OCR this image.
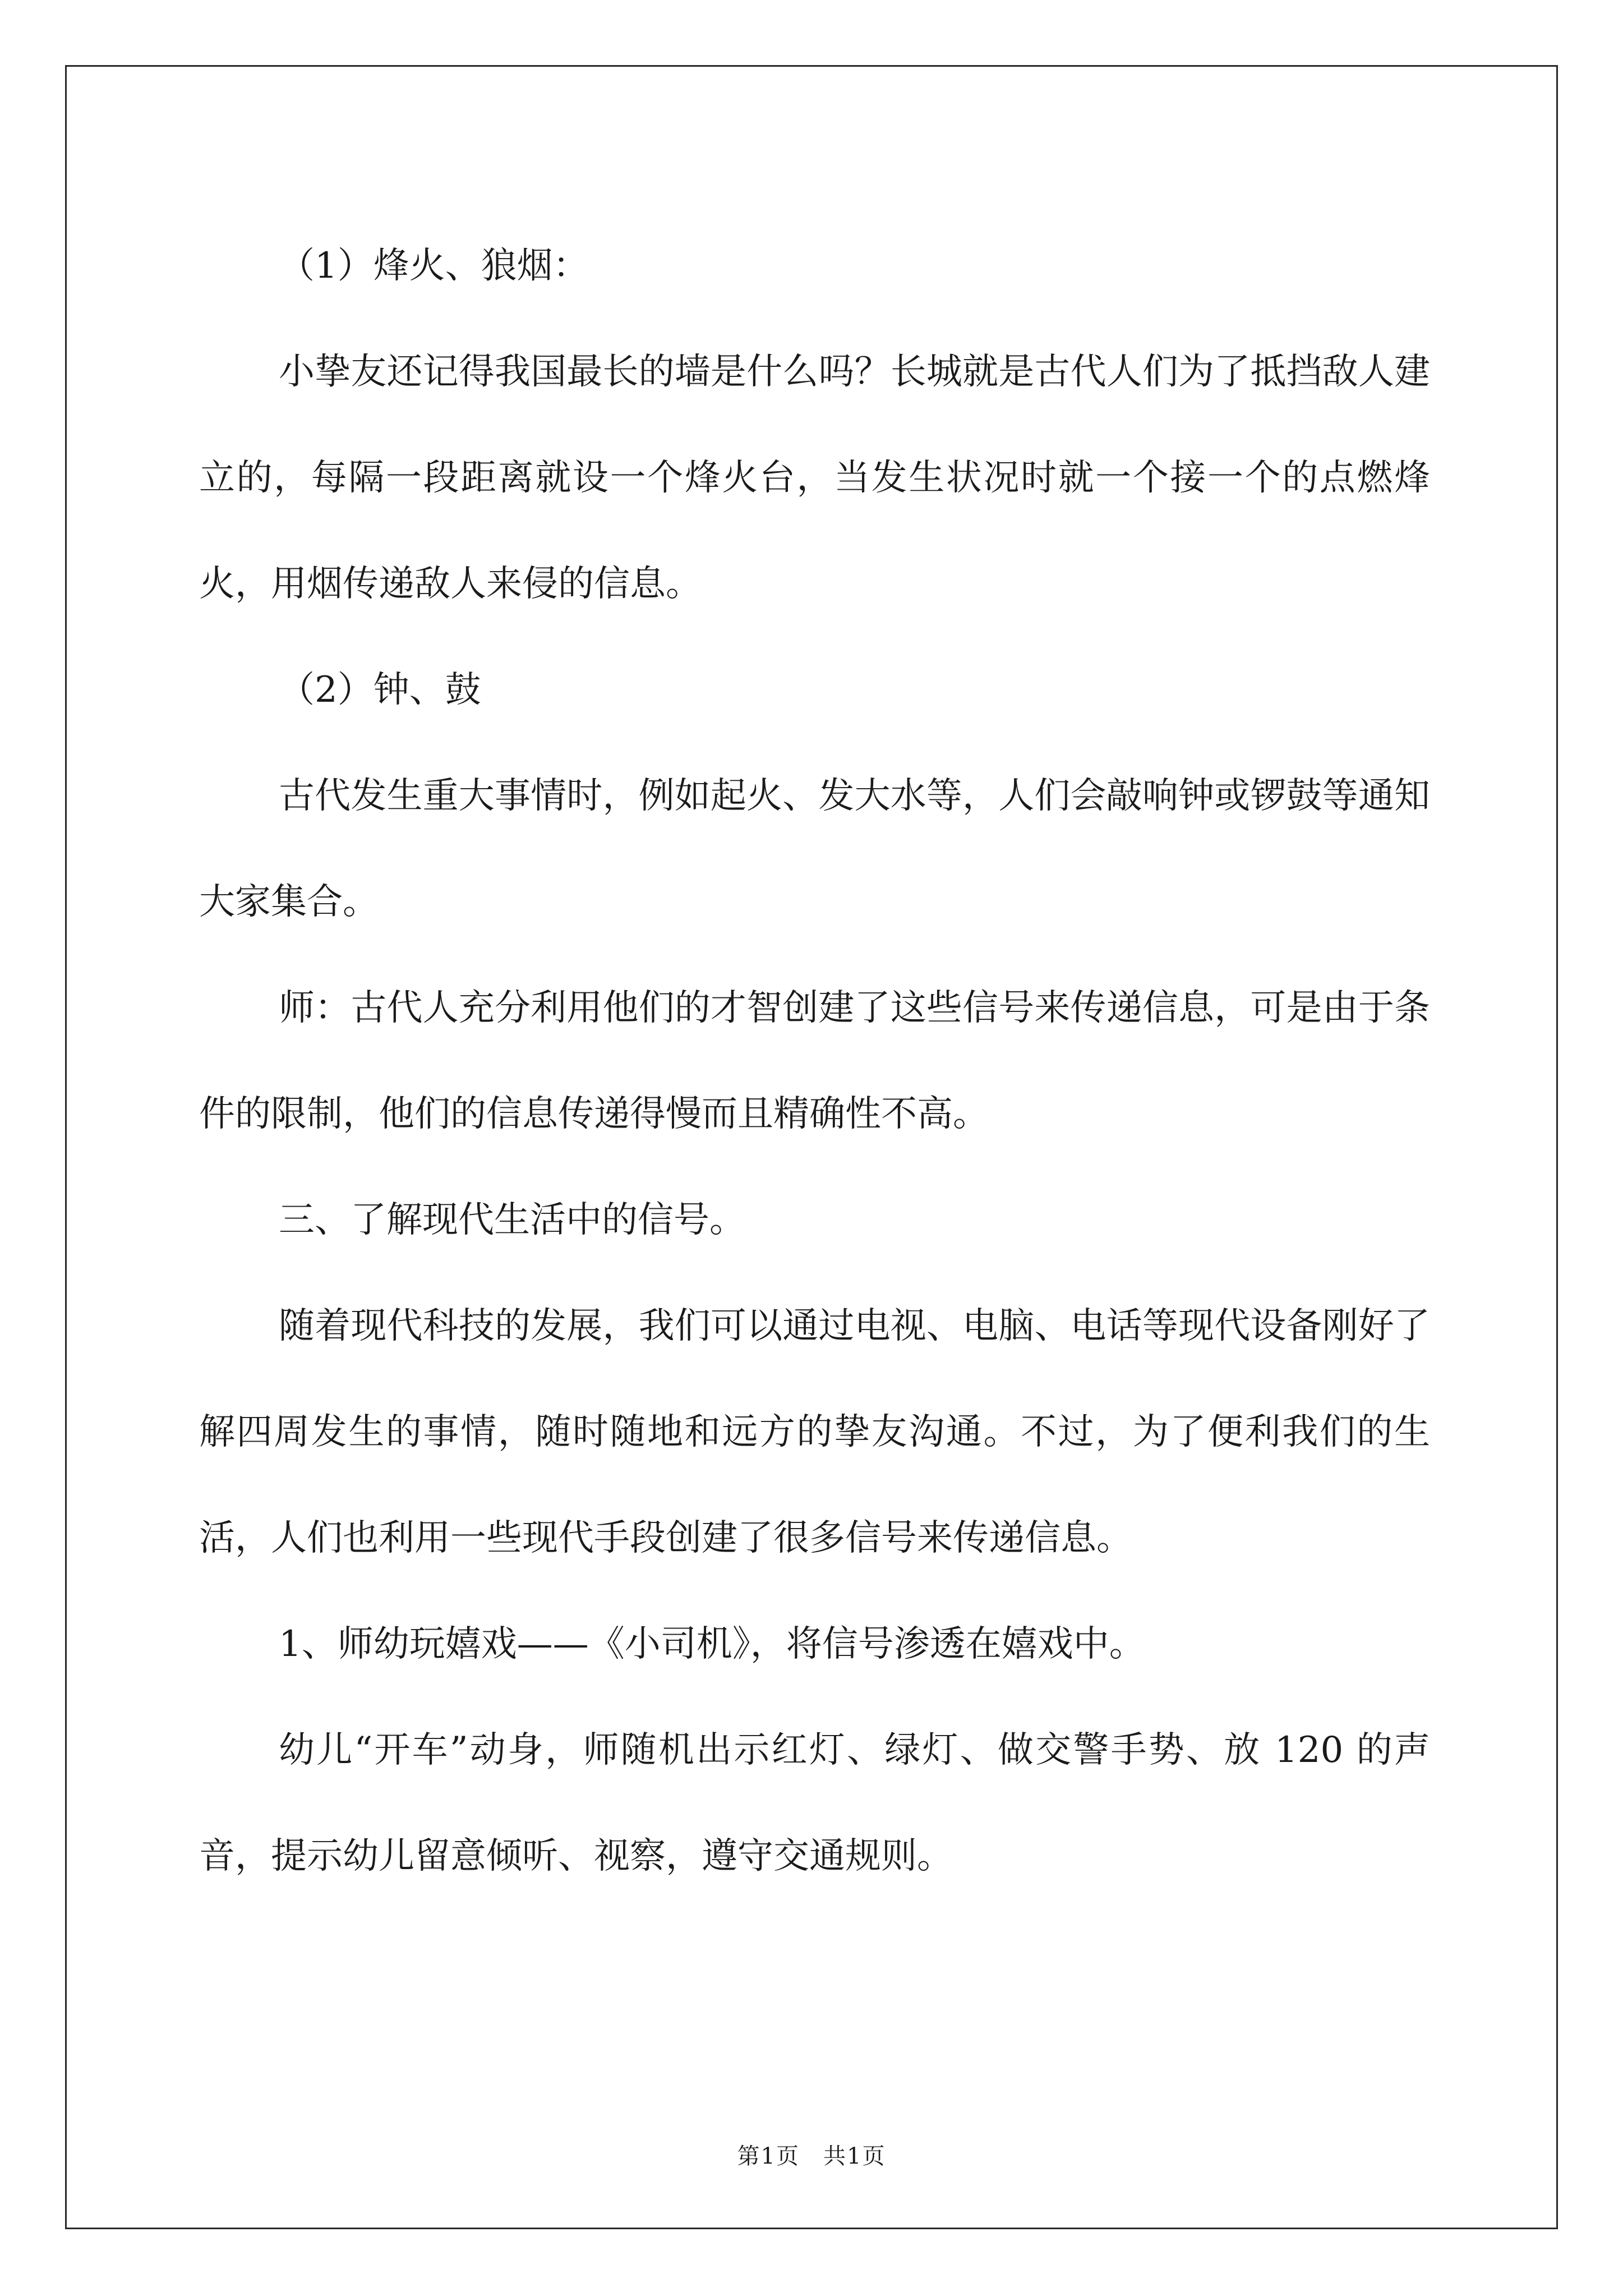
（1）烽火、狼烟：

小挚友还记得我国最长的墙是什么吗？长城就是古代人们为了抵挡敌人建立的，每隔一段距离就设一个烽火台，当发生状况时就一个接一个的点燃烽火，用烟传递敌人来侵的信息。

（2）钟、鼓

古代发生重大事情时，例如起火、发大水等，人们会敲响钟或锣鼓等通知大家集合。

师：古代人充分利用他们的才智创建了这些信号来传递信息，可是由于条件的限制，他们的信息传递得慢而且精确性不高。

三、了解现代生活中的信号。

随着现代科技的发展，我们可以通过电视、电脑、电话等现代设备刚好了解四周发生的事情，随时随地和远方的挚友沟通。不过，为了便利我们的生活，人们也利用一些现代手段创建了很多信号来传递信息。

1、师幼玩嬉戏——《小司机》，将信号渗透在嬉戏中。

幼儿“开车”动身，师随机出示红灯、绿灯、做交警手势、放 120 的声音，提示幼儿留意倾听、视察，遵守交通规则。

第1页 共1页
